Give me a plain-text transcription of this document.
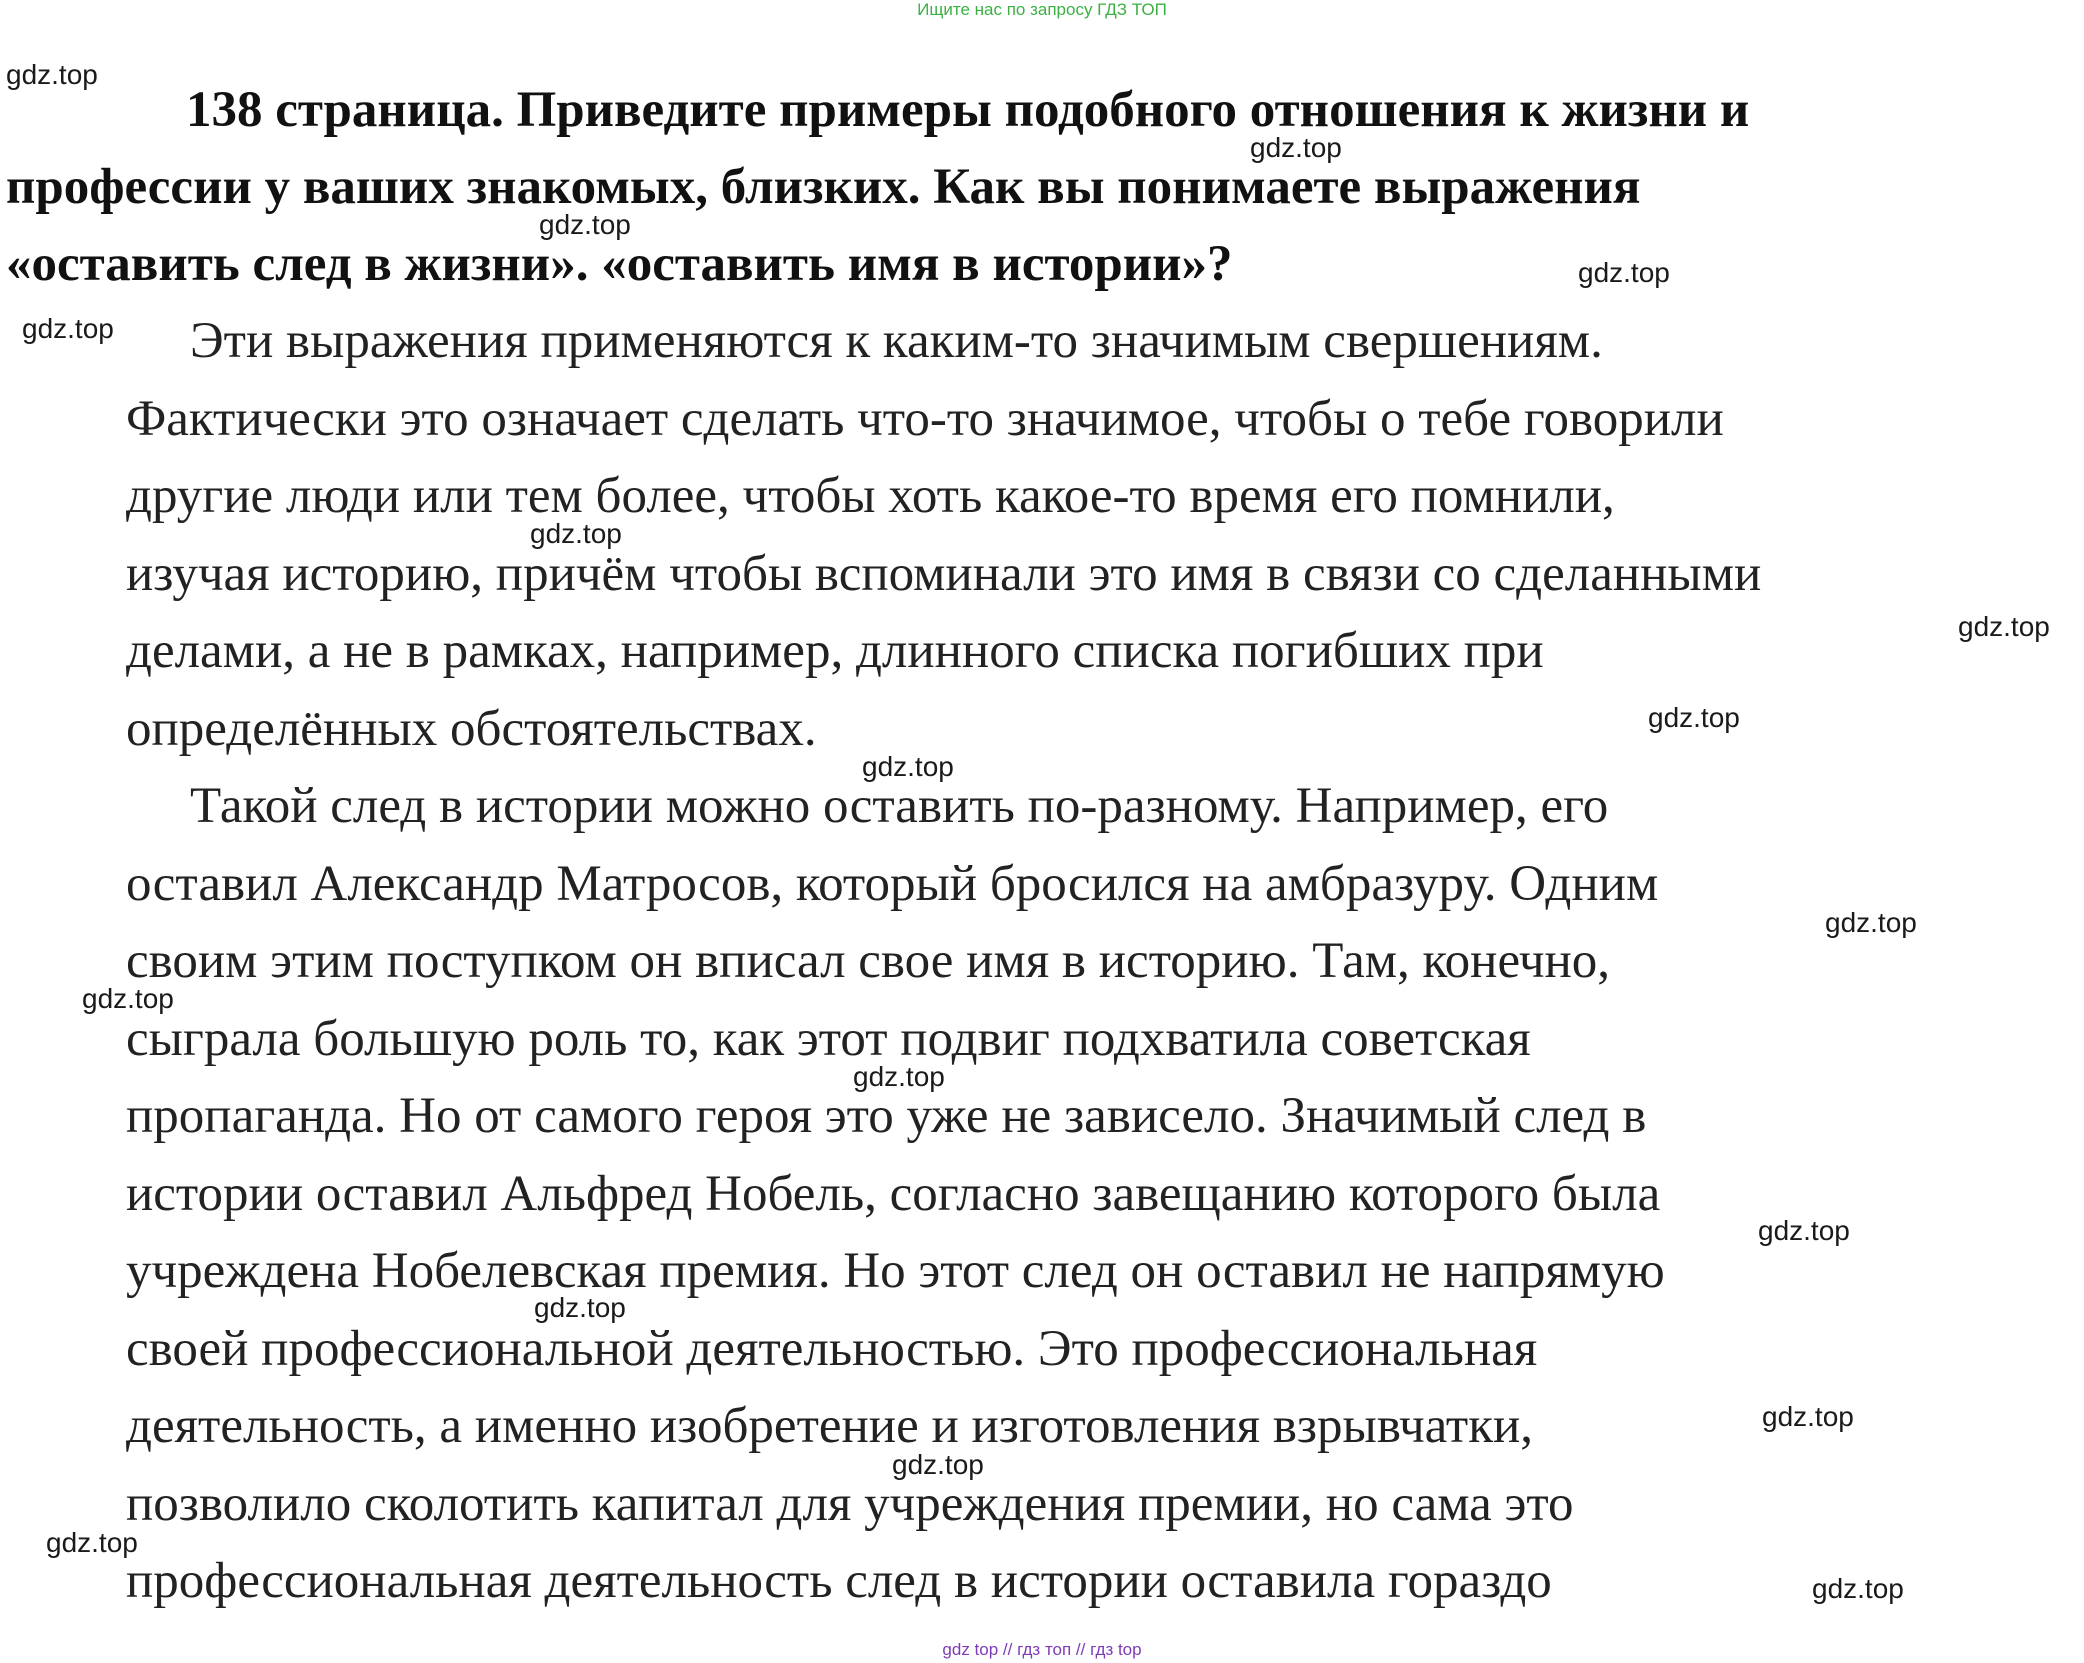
Ищите нас по запросу ГДЗ ТОП
138 страница. Приведите примеры подобного отношения к жизни и
профессии у ваших знакомых, близких. Как вы понимаете выражения
«оставить след в жизни». «оставить имя в истории»?
Эти выражения применяются к каким-то значимым свершениям.
Фактически это означает сделать что-то значимое, чтобы о тебе говорили
другие люди или тем более, чтобы хоть какое-то время его помнили,
изучая историю, причём чтобы вспоминали это имя в связи со сделанными
делами, а не в рамках, например, длинного списка погибших при
определённых обстоятельствах.
Такой след в истории можно оставить по-разному. Например, его
оставил Александр Матросов, который бросился на амбразуру. Одним
своим этим поступком он вписал свое имя в историю. Там, конечно,
сыграла большую роль то, как этот подвиг подхватила советская
пропаганда. Но от самого героя это уже не зависело. Значимый след в
истории оставил Альфред Нобель, согласно завещанию которого была
учреждена Нобелевская премия. Но этот след он оставил не напрямую
своей профессиональной деятельностью. Это профессиональная
деятельность, а именно изобретение и изготовления взрывчатки,
позволило сколотить капитал для учреждения премии, но сама это
профессиональная деятельность след в истории оставила гораздо
gdz.top
gdz.top
gdz.top
gdz.top
gdz.top
gdz.top
gdz.top
gdz.top
gdz.top
gdz.top
gdz.top
gdz.top
gdz.top
gdz.top
gdz.top
gdz.top
gdz.top
gdz.top
gdz top // гдз топ // гдз top
